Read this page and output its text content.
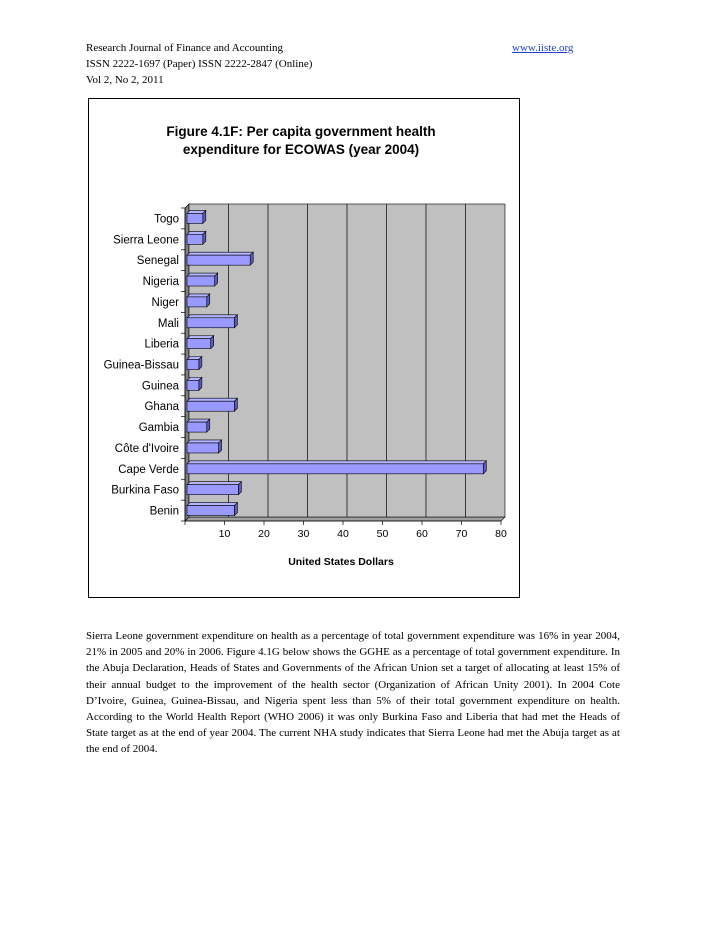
Research Journal of Finance and Accounting
ISSN 2222-1697 (Paper) ISSN 2222-2847 (Online)
Vol 2, No 2, 2011
www.iiste.org
Figure 4.1F: Per capita government health
expenditure for ECOWAS (year 2004)
10	20	30	40	50	60	70	80
Togo
Sierra Leone
Senegal
Nigeria
Niger
Mali
Liberia
Guinea-Bissau
Guinea
Ghana
Gambia
Côte d'Ivoire
Cape Verde
Burkina Faso
Benin
United States Dollars
Sierra Leone government expenditure on health as a percentage of total government expenditure was 16% in year 2004, 21% in 2005 and 20% in 2006. Figure 4.1G below shows the GGHE as a percentage of total government expenditure. In the Abuja Declaration, Heads of States and Governments of the African Union set a target of allocating at least 15% of their annual budget to the improvement of the health sector (Organization of African Unity 2001). In 2004 Cote D’Ivoire, Guinea, Guinea-Bissau, and Nigeria spent less than 5% of their total government expenditure on health. According to the World Health Report (WHO 2006) it was only Burkina Faso and Liberia that had met the Heads of State target as at the end of year 2004. The current NHA study indicates that Sierra Leone had met the Abuja target as at the end of 2004.
